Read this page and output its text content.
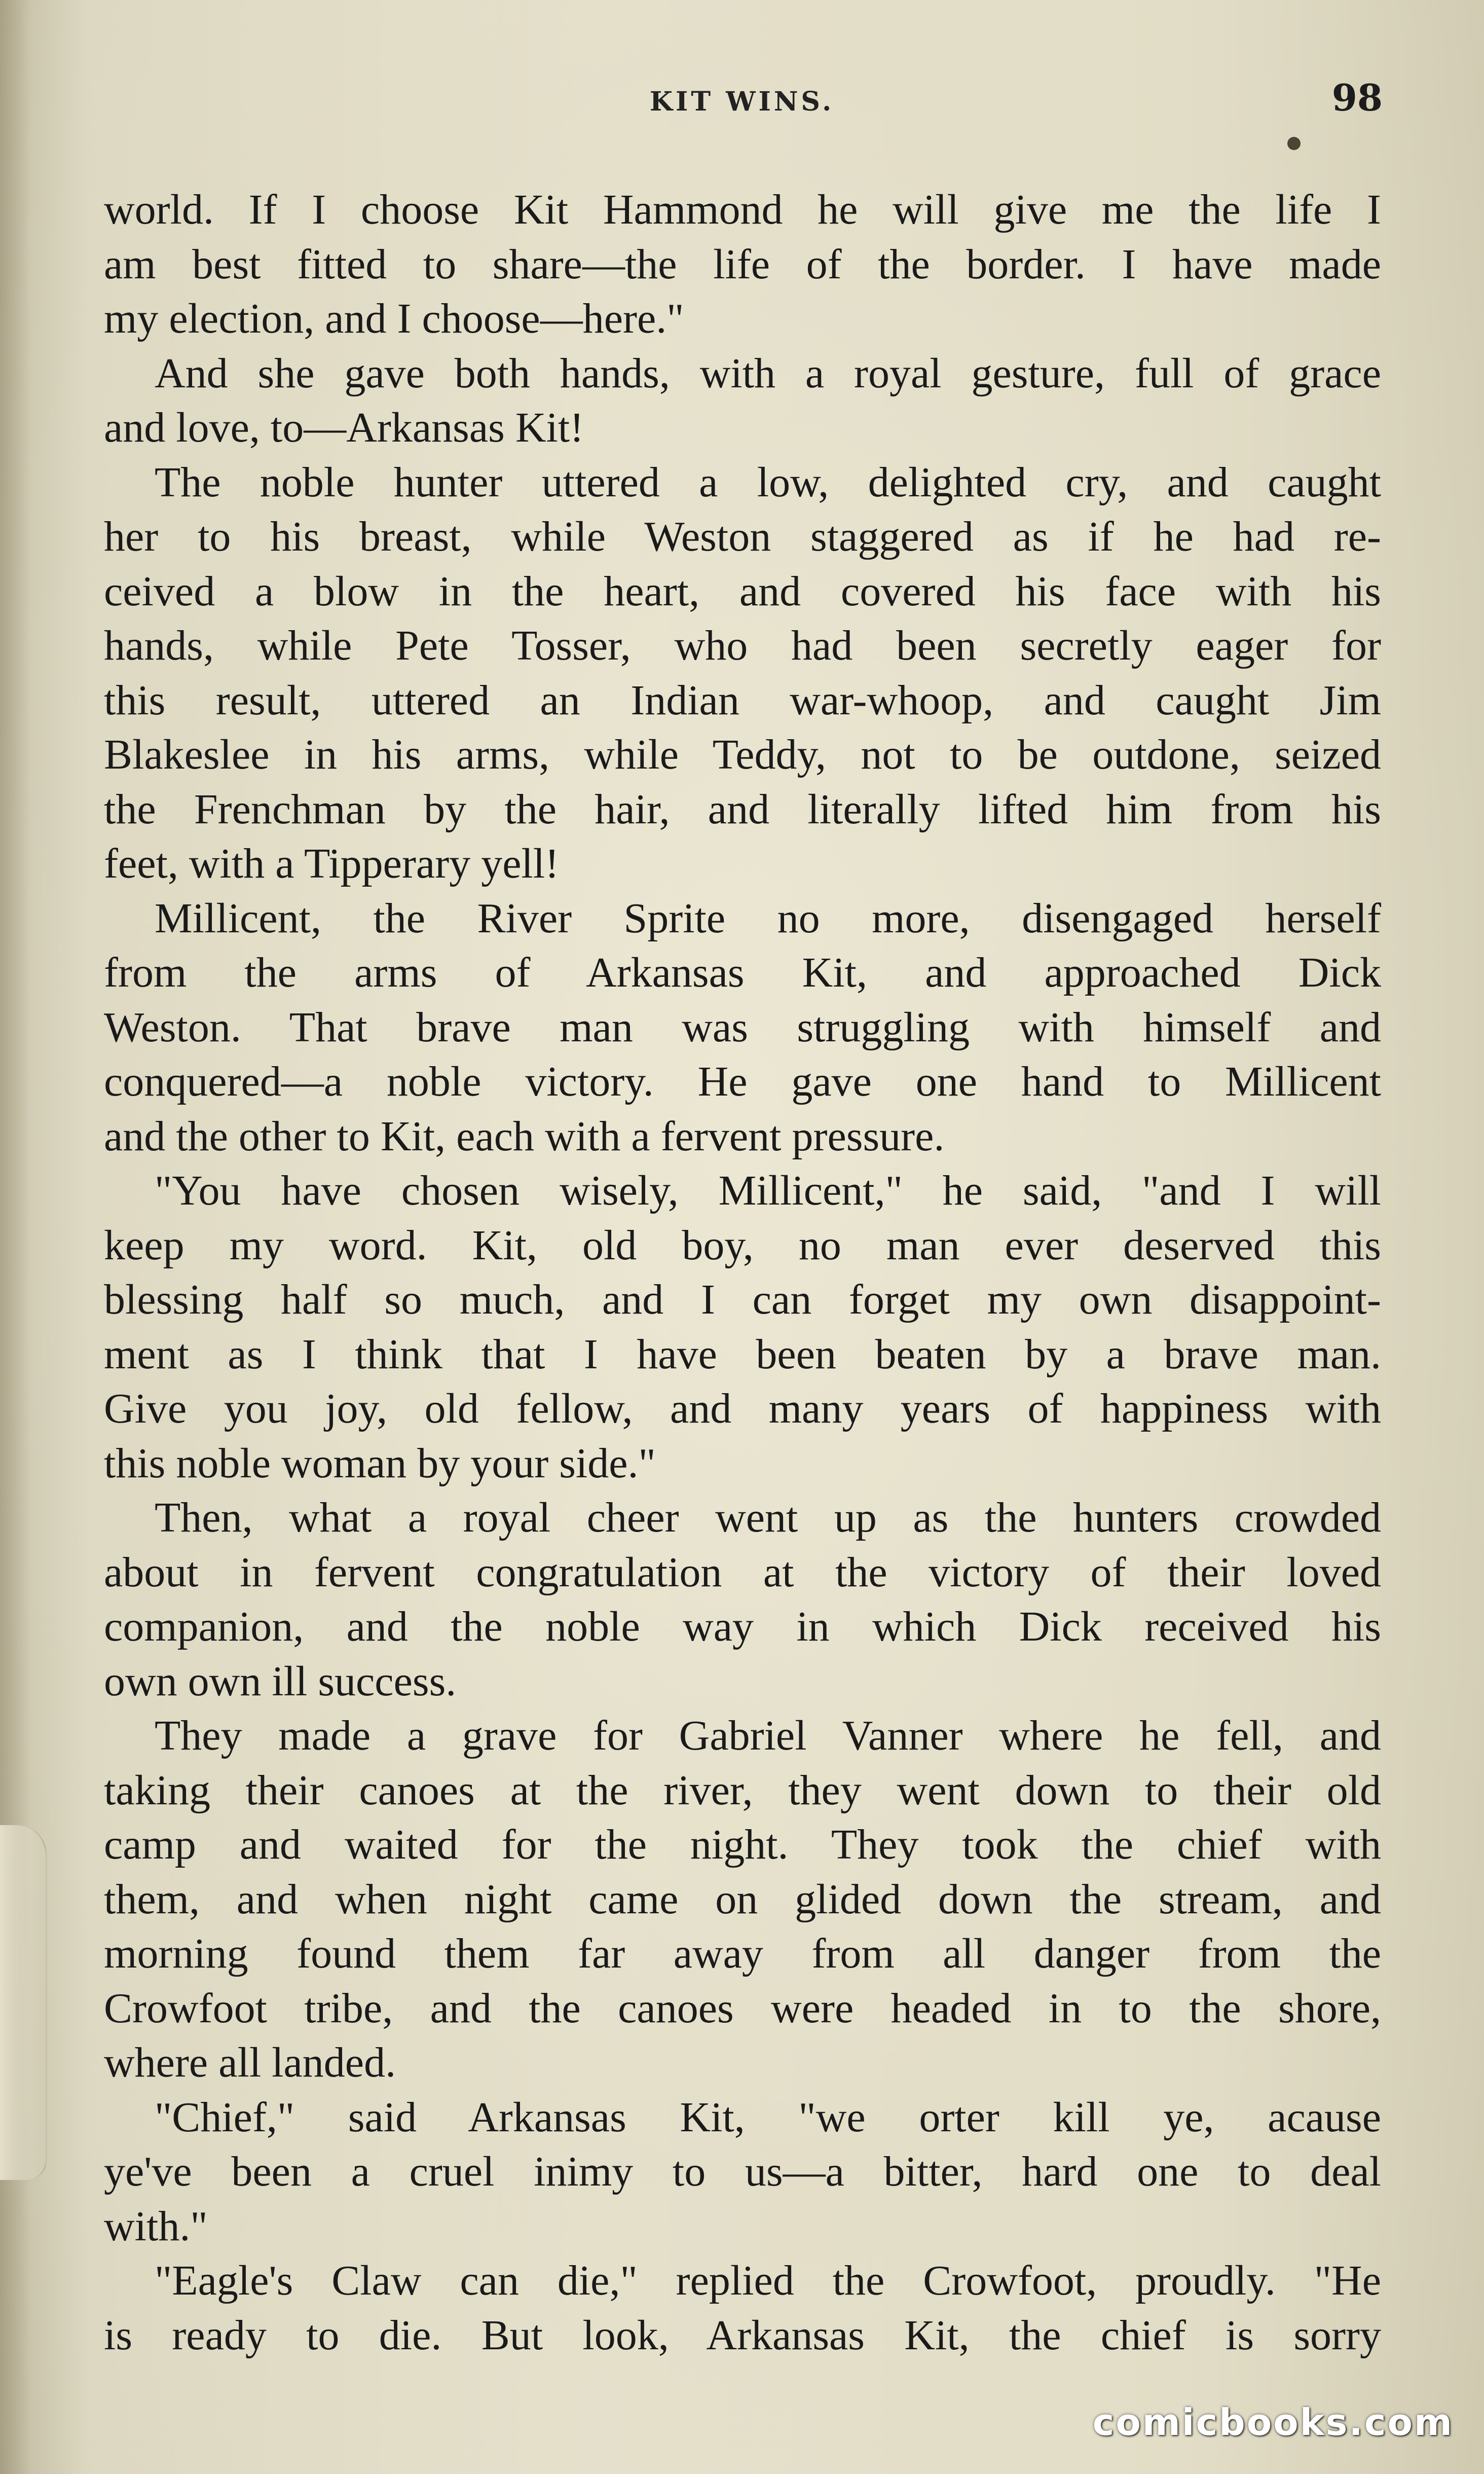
KIT WINS.	98
world. If I choose Kit Hammond he will give me the life I
am best fitted to share—the life of the border. I have made
my election, and I choose—here."
And she gave both hands, with a royal gesture, full of grace
and love, to—Arkansas Kit!
The noble hunter uttered a low, delighted cry, and caught
her to his breast, while Weston staggered as if he had re-
ceived a blow in the heart, and covered his face with his
hands, while Pete Tosser, who had been secretly eager for
this result, uttered an Indian war-whoop, and caught Jim
Blakeslee in his arms, while Teddy, not to be outdone, seized
the Frenchman by the hair, and literally lifted him from his
feet, with a Tipperary yell!
Millicent, the River Sprite no more, disengaged herself
from the arms of Arkansas Kit, and approached Dick
Weston. That brave man was struggling with himself and
conquered—a noble victory. He gave one hand to Millicent
and the other to Kit, each with a fervent pressure.
"You have chosen wisely, Millicent," he said, "and I will
keep my word. Kit, old boy, no man ever deserved this
blessing half so much, and I can forget my own disappoint-
ment as I think that I have been beaten by a brave man.
Give you joy, old fellow, and many years of happiness with
this noble woman by your side."
Then, what a royal cheer went up as the hunters crowded
about in fervent congratulation at the victory of their loved
companion, and the noble way in which Dick received his
own own ill success.
They made a grave for Gabriel Vanner where he fell, and
taking their canoes at the river, they went down to their old
camp and waited for the night. They took the chief with
them, and when night came on glided down the stream, and
morning found them far away from all danger from the
Crowfoot tribe, and the canoes were headed in to the shore,
where all landed.
"Chief," said Arkansas Kit, "we orter kill ye, acause
ye've been a cruel inimy to us—a bitter, hard one to deal
with."
"Eagle's Claw can die," replied the Crowfoot, proudly. "He
is ready to die. But look, Arkansas Kit, the chief is sorry
comicbooks.com
